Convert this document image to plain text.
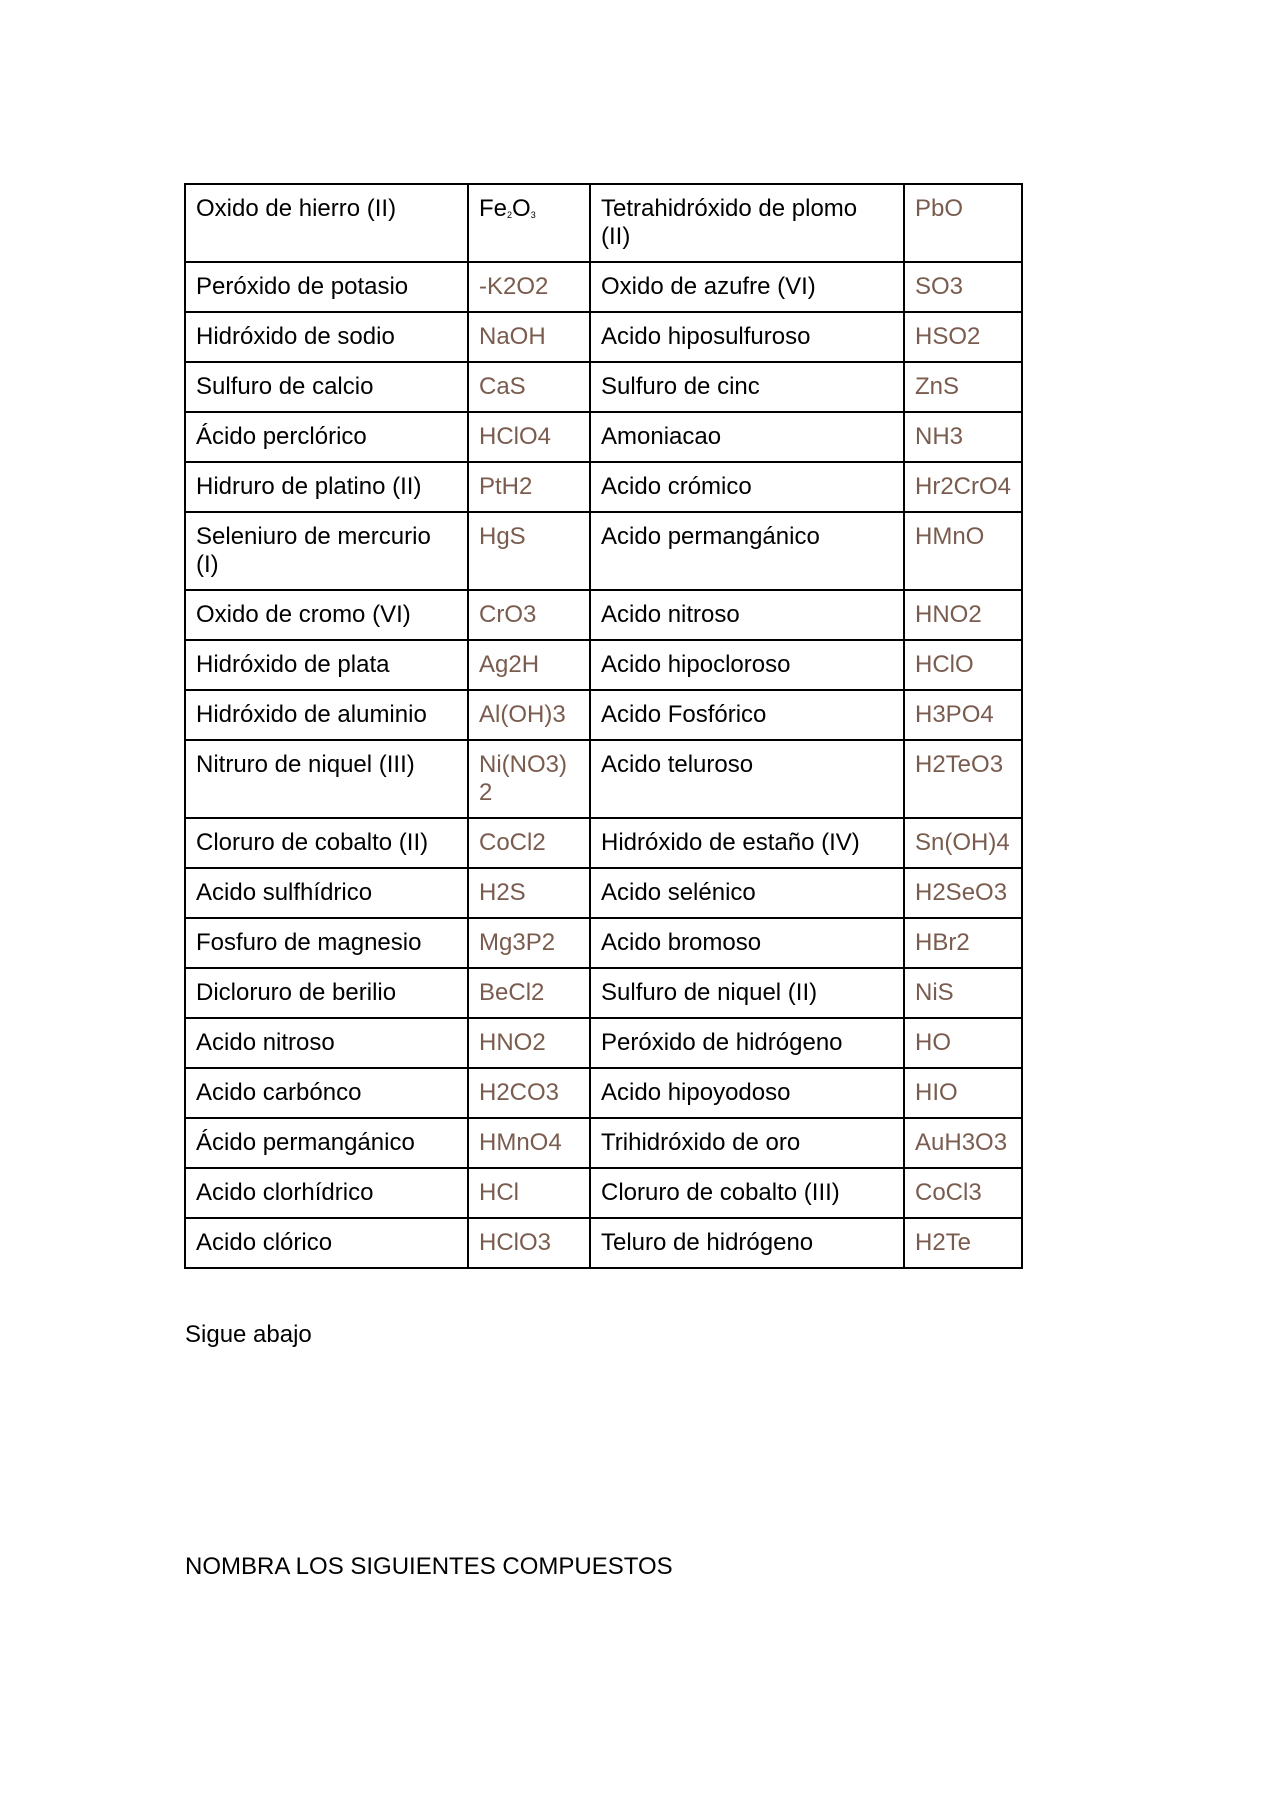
Oxido de hierro (II)	$Fe_2O_3$	Tetrahidróxido de plomo (II)	PbO
Peróxido de potasio	-K2O2	Oxido de azufre (VI)	SO3
Hidróxido de sodio	NaOH	Acido hiposulfuroso	HSO2
Sulfuro de calcio	CaS	Sulfuro de cinc	ZnS
Ácido perclórico	HClO4	Amoniacao	NH3
Hidruro de platino (II)	PtH2	Acido crómico	Hr2CrO4
Seleniuro de mercurio (I)	HgS	Acido permangánico	HMnO
Oxido de cromo (VI)	CrO3	Acido nitroso	HNO2
Hidróxido de plata	Ag2H	Acido hipocloroso	HClO
Hidróxido de aluminio	Al(OH)3	Acido Fosfórico	H3PO4
Nitruro de niquel (III)	Ni(NO3)2	Acido teluroso	H2TeO3
Cloruro de cobalto (II)	CoCl2	Hidróxido de estaño (IV)	Sn(OH)4
Acido sulfhídrico	H2S	Acido selénico	H2SeO3
Fosfuro de magnesio	Mg3P2	Acido bromoso	HBr2
Dicloruro de berilio	BeCl2	Sulfuro de niquel (II)	NiS
Acido nitroso	HNO2	Peróxido de hidrógeno	HO
Acido carbónco	H2CO3	Acido hipoyodoso	HIO
Ácido permangánico	HMnO4	Trihidróxido de oro	AuH3O3
Acido clorhídrico	HCl	Cloruro de cobalto (III)	CoCl3
Acido clórico	HClO3	Teluro de hidrógeno	H2Te

Sigue abajo

NOMBRA LOS SIGUIENTES COMPUESTOS
